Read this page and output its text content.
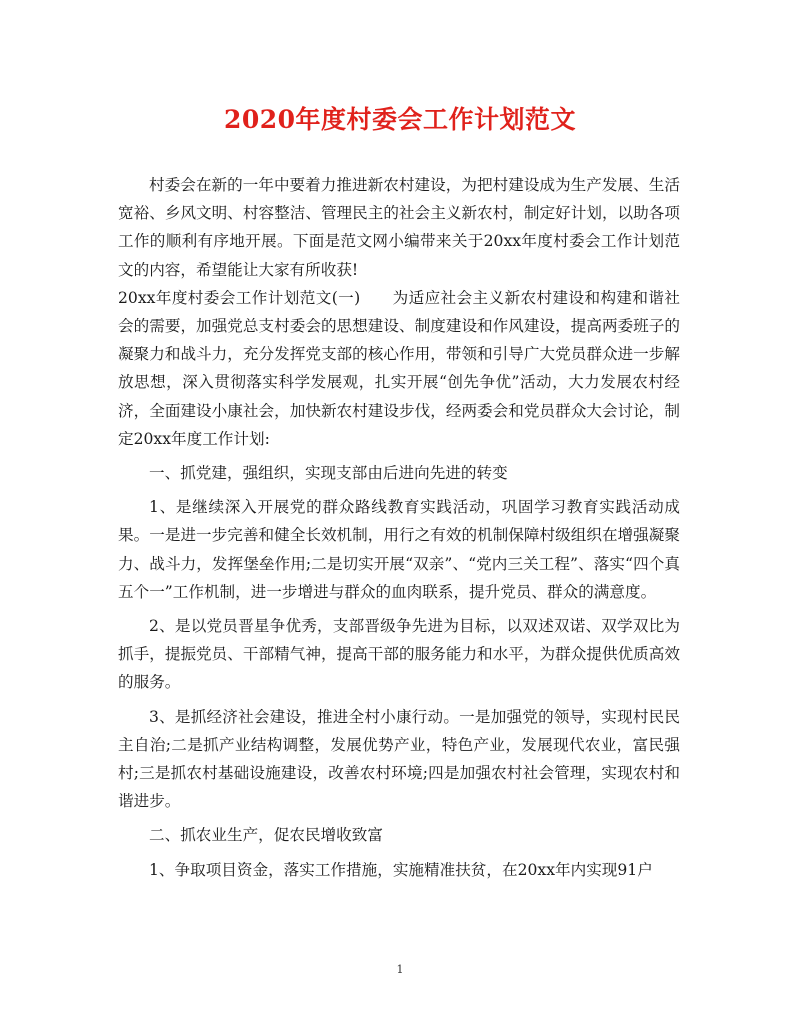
2020年度村委会工作计划范文

村委会在新的一年中要着力推进新农村建设，为把村建设成为生产发展、生活宽裕、乡风文明、村容整洁、管理民主的社会主义新农村，制定好计划，以助各项工作的顺利有序地开展。下面是范文网小编带来关于20xx年度村委会工作计划范文的内容，希望能让大家有所收获!

20xx年度村委会工作计划范文(一)　　为适应社会主义新农村建设和构建和谐社会的需要，加强党总支村委会的思想建设、制度建设和作风建设，提高两委班子的凝聚力和战斗力，充分发挥党支部的核心作用，带领和引导广大党员群众进一步解放思想，深入贯彻落实科学发展观，扎实开展“创先争优”活动，大力发展农村经济，全面建设小康社会，加快新农村建设步伐，经两委会和党员群众大会讨论，制定20xx年度工作计划:

一、抓党建，强组织，实现支部由后进向先进的转变

1、是继续深入开展党的群众路线教育实践活动，巩固学习教育实践活动成果。一是进一步完善和健全长效机制，用行之有效的机制保障村级组织在增强凝聚力、战斗力，发挥堡垒作用;二是切实开展“双亲”、“党内三关工程”、落实“四个真五个一”工作机制，进一步增进与群众的血肉联系，提升党员、群众的满意度。

2、是以党员晋星争优秀，支部晋级争先进为目标，以双述双诺、双学双比为抓手，提振党员、干部精气神，提高干部的服务能力和水平，为群众提供优质高效的服务。

3、是抓经济社会建设，推进全村小康行动。一是加强党的领导，实现村民民主自治;二是抓产业结构调整，发展优势产业，特色产业，发展现代农业，富民强村;三是抓农村基础设施建设，改善农村环境;四是加强农村社会管理，实现农村和谐进步。

二、抓农业生产，促农民增收致富

1、争取项目资金，落实工作措施，实施精准扶贫，在20xx年内实现91户

1
